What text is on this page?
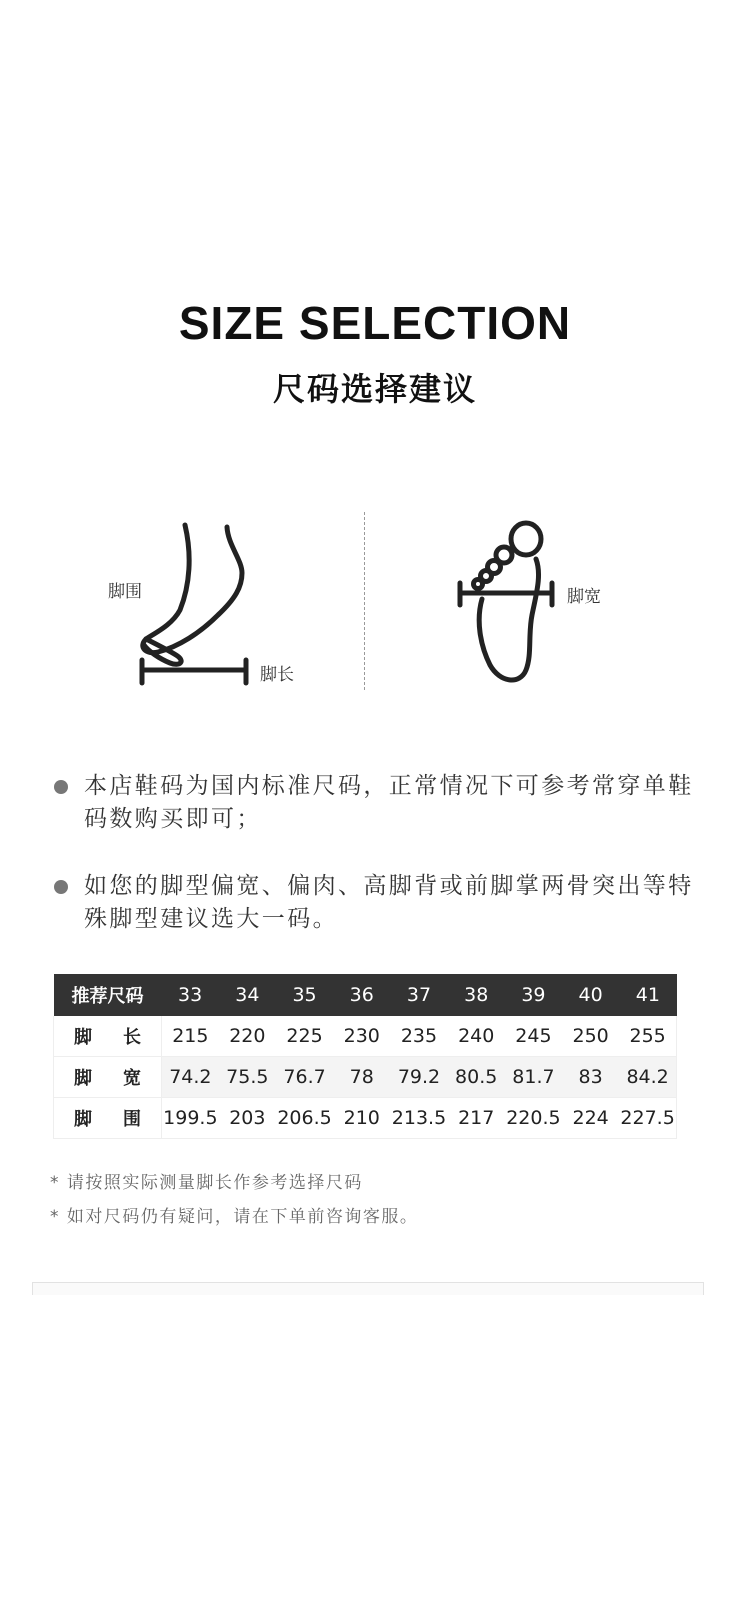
SIZE SELECTION
尺码选择建议
脚围
脚长
脚宽
本店鞋码为国内标准尺码，正常情况下可参考常穿单鞋码数购买即可；
如您的脚型偏宽、偏肉、高脚背或前脚掌两骨突出等特殊脚型建议选大一码。
推荐尺码	33	34	35	36	37	38	39	40	41

脚 长	215	220	225	230	235	240	245	250	255

脚 宽	74.2	75.5	76.7	78	79.2	80.5	81.7	83	84.2

脚 围	199.5	203	206.5	210	213.5	217	220.5	224	227.5
* 请按照实际测量脚长作参考选择尺码
* 如对尺码仍有疑问，请在下单前咨询客服。
